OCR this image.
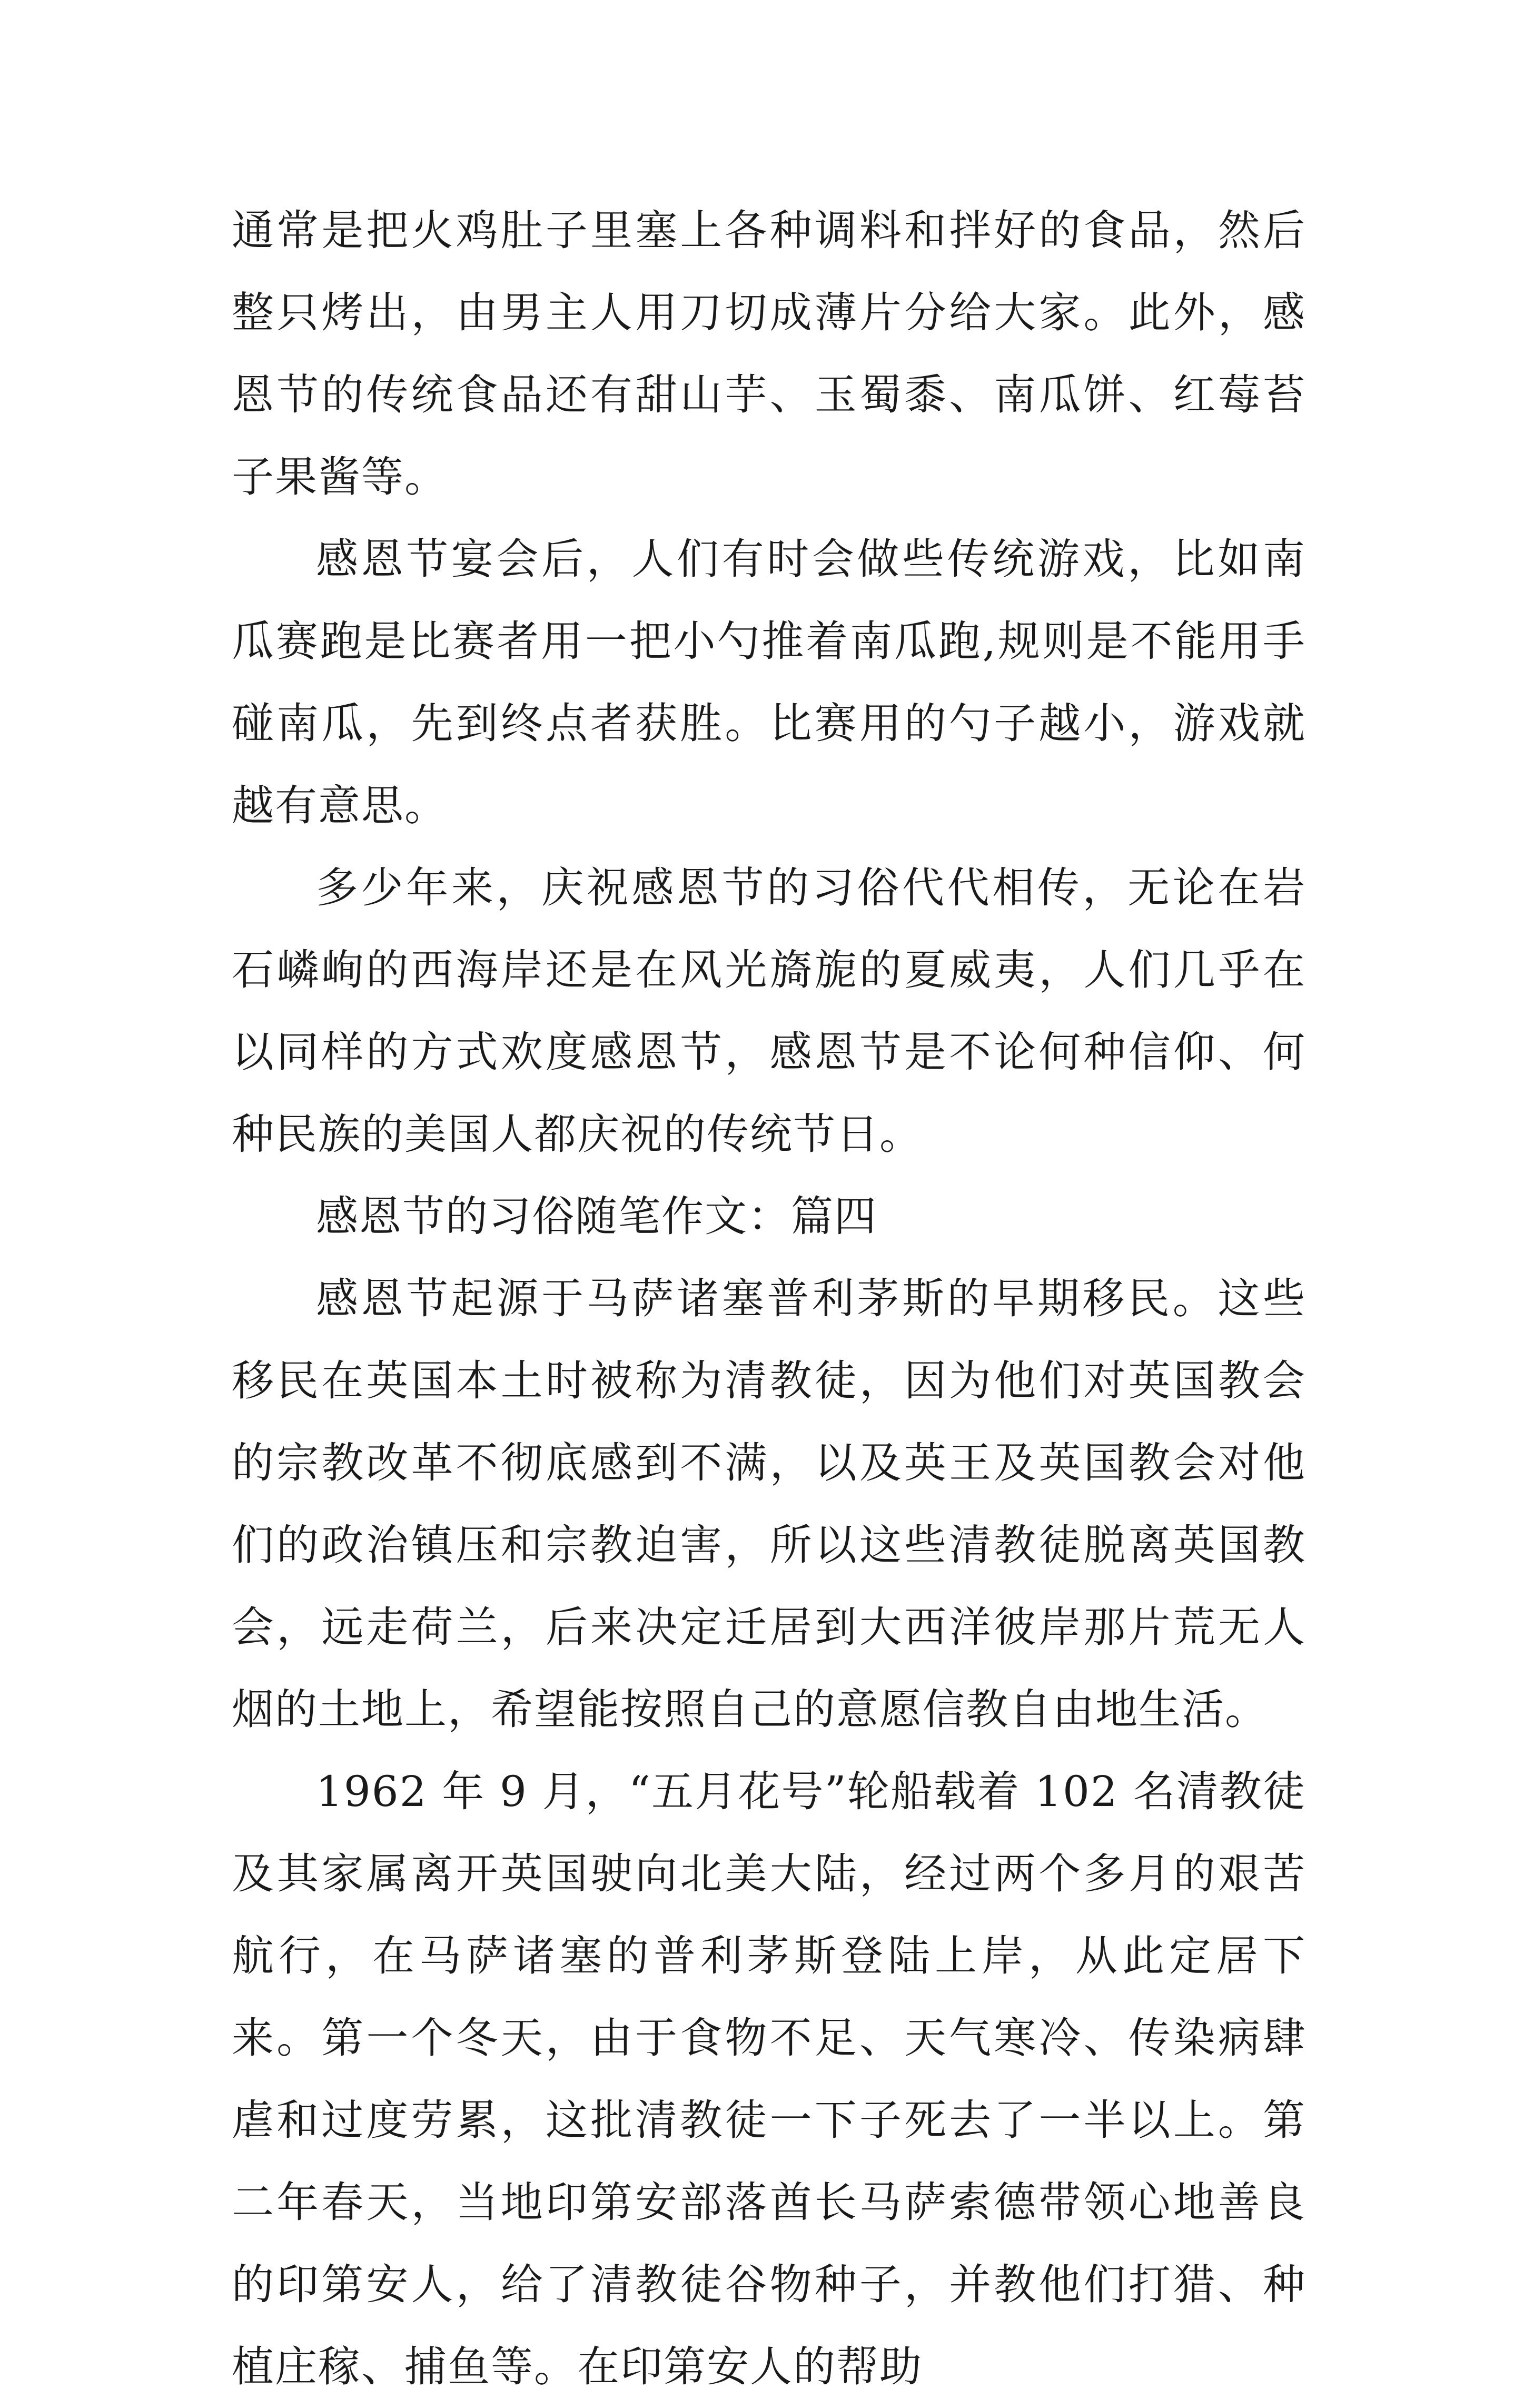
通常是把火鸡肚子里塞上各种调料和拌好的食品，然后整只烤出，由男主人用刀切成薄片分给大家。此外，感恩节的传统食品还有甜山芋、玉蜀黍、南瓜饼、红莓苔子果酱等。

感恩节宴会后，人们有时会做些传统游戏，比如南瓜赛跑是比赛者用一把小勺推着南瓜跑,规则是不能用手碰南瓜，先到终点者获胜。比赛用的勺子越小，游戏就越有意思。

多少年来，庆祝感恩节的习俗代代相传，无论在岩石嶙峋的西海岸还是在风光旖旎的夏威夷，人们几乎在以同样的方式欢度感恩节，感恩节是不论何种信仰、何种民族的美国人都庆祝的传统节日。

感恩节的习俗随笔作文：篇四

感恩节起源于马萨诸塞普利茅斯的早期移民。这些移民在英国本土时被称为清教徒，因为他们对英国教会的宗教改革不彻底感到不满，以及英王及英国教会对他们的政治镇压和宗教迫害，所以这些清教徒脱离英国教会，远走荷兰，后来决定迁居到大西洋彼岸那片荒无人烟的土地上，希望能按照自己的意愿信教自由地生活。

1962 年 9 月，“五月花号”轮船载着 102 名清教徒及其家属离开英国驶向北美大陆，经过两个多月的艰苦航行，在马萨诸塞的普利茅斯登陆上岸，从此定居下来。第一个冬天，由于食物不足、天气寒冷、传染病肆虐和过度劳累，这批清教徒一下子死去了一半以上。第二年春天，当地印第安部落酋长马萨索德带领心地善良的印第安人，给了清教徒谷物种子，并教他们打猎、种植庄稼、捕鱼等。在印第安人的帮助
